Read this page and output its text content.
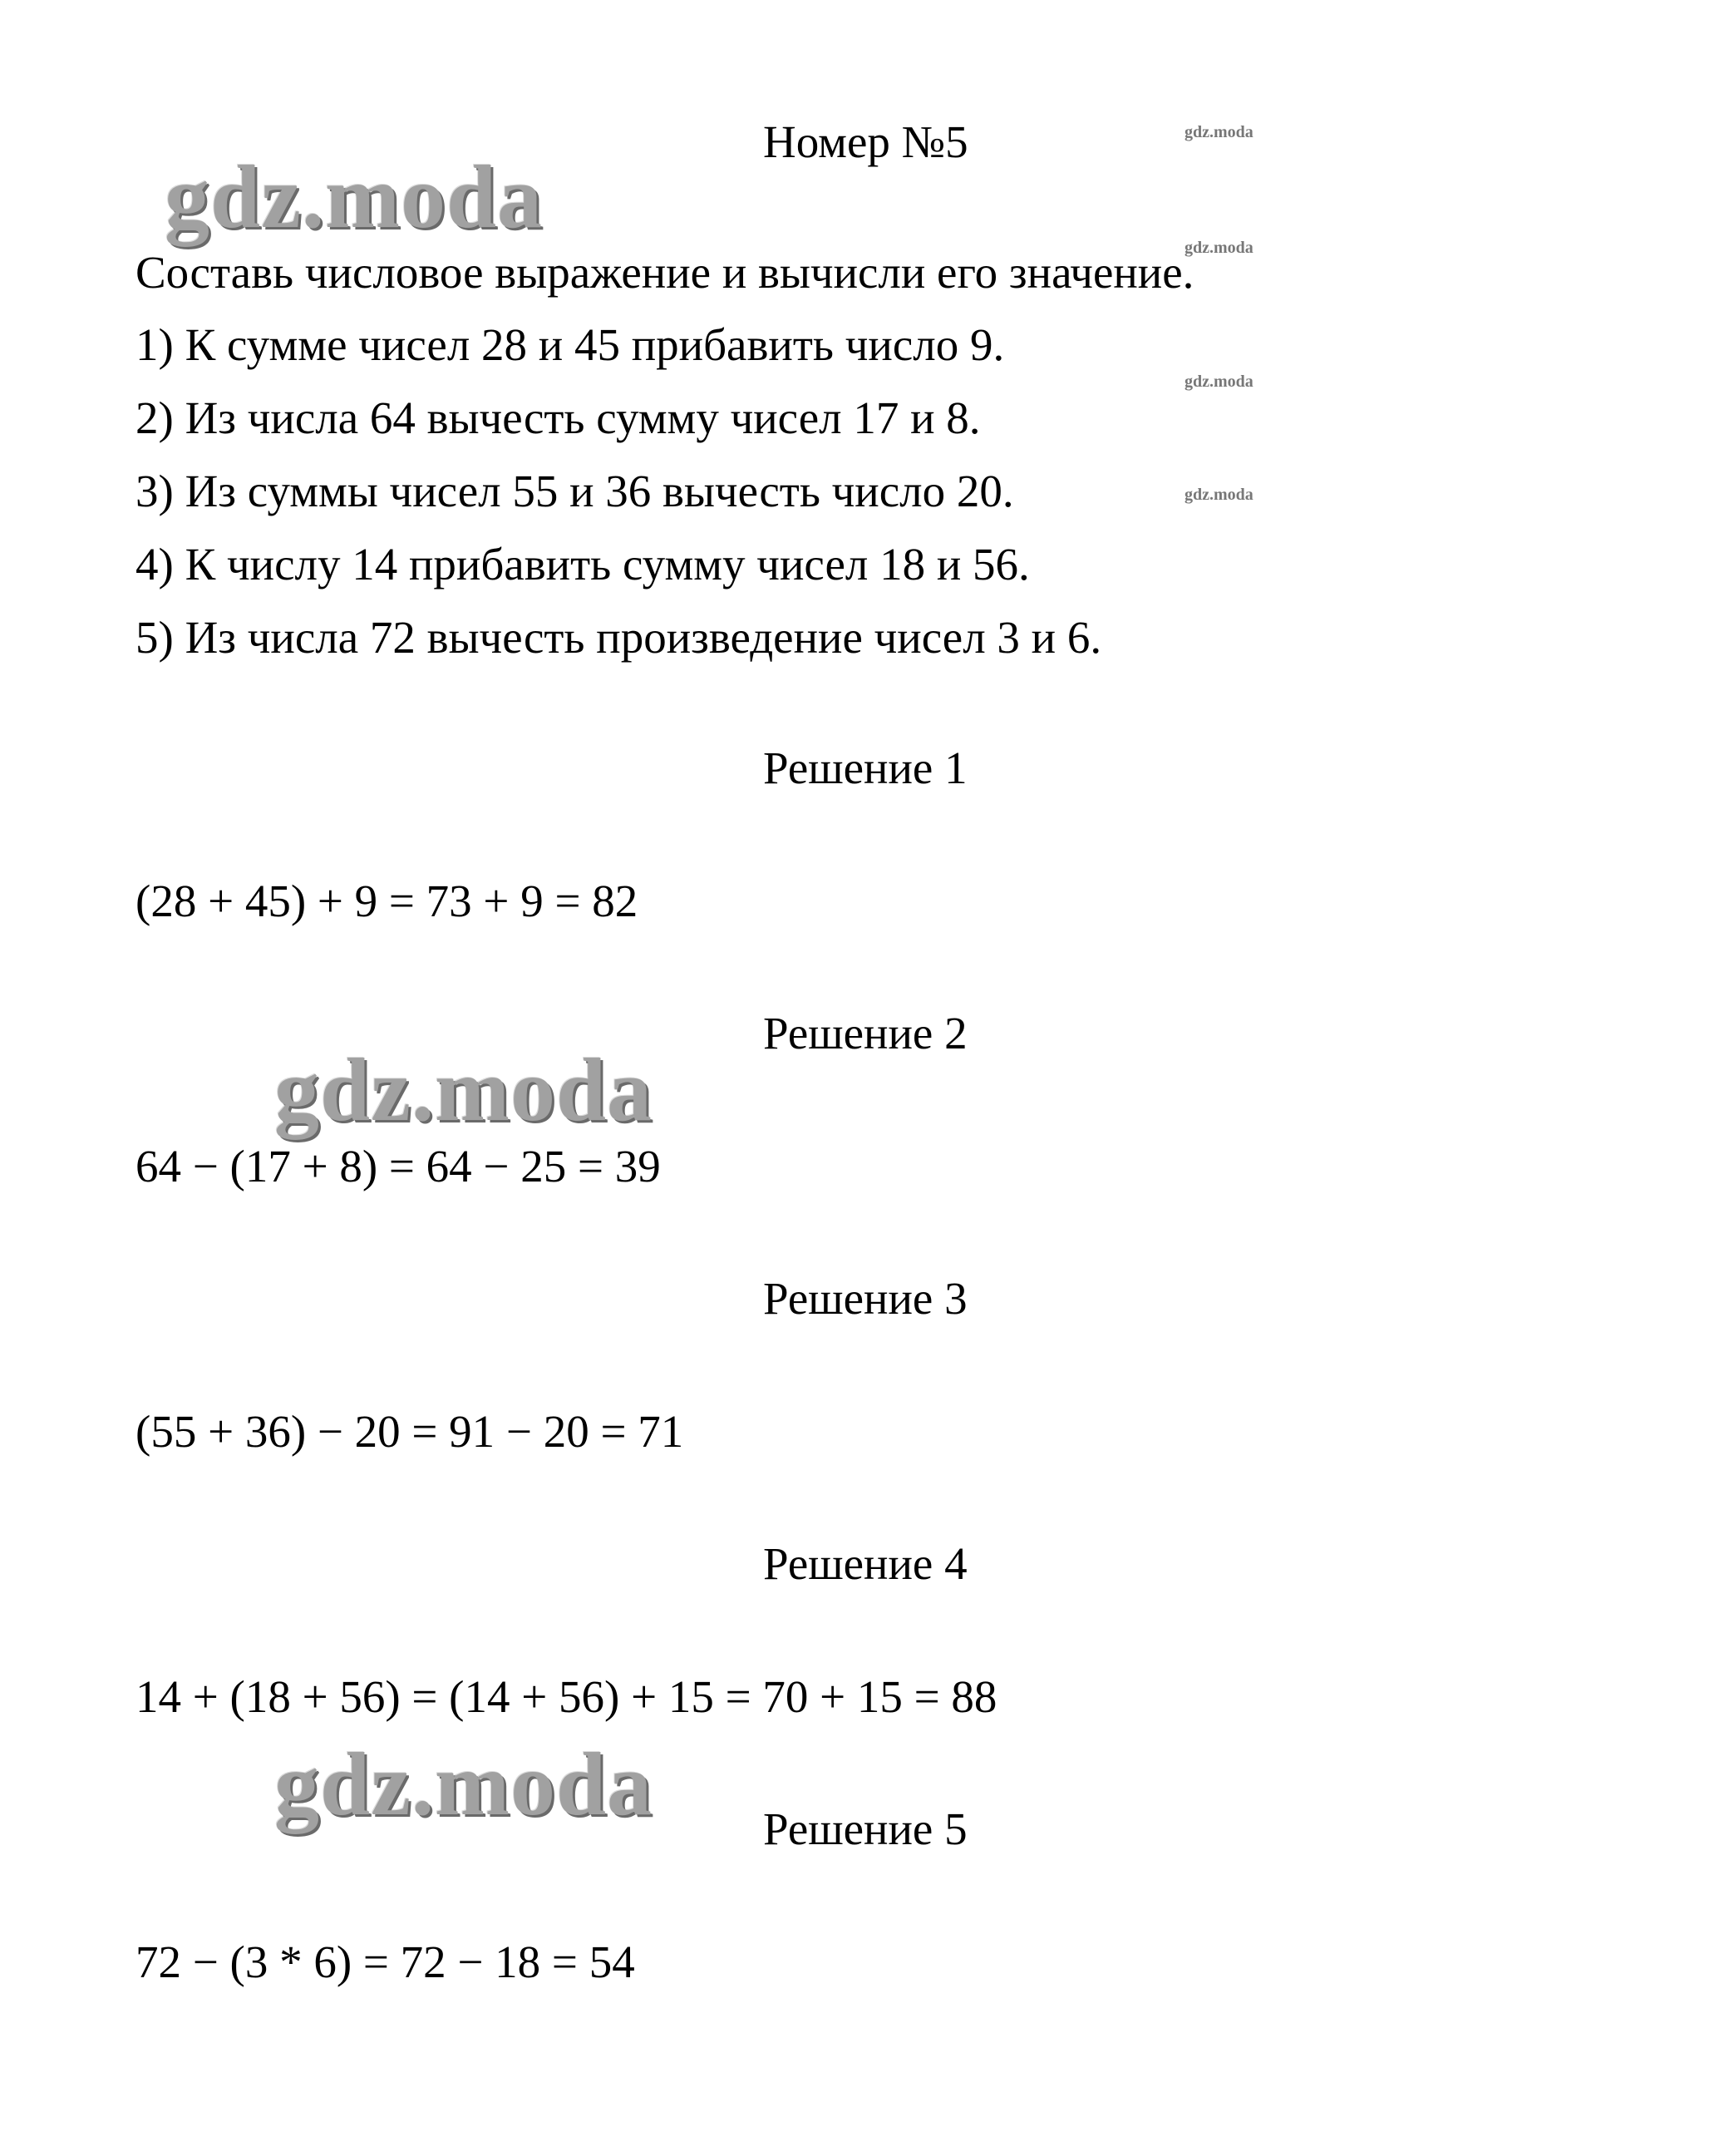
Номер №5	gdz.moda
gdz.moda
gdz.moda
gdz.moda
gdz.moda
Составь числовое выражение и вычисли его значение.
1) К сумме чисел 28 и 45 прибавить число 9.
2) Из числа 64 вычесть сумму чисел 17 и 8.
3) Из суммы чисел 55 и 36 вычесть число 20.
4) К числу 14 прибавить сумму чисел 18 и 56.
5) Из числа 72 вычесть произведение чисел 3 и 6.
Решение 1
(28 + 45) + 9 = 73 + 9 = 82
Решение 2
gdz.moda
64 − (17 + 8) = 64 − 25 = 39
Решение 3
(55 + 36) − 20 = 91 − 20 = 71
Решение 4
14 + (18 + 56) = (14 + 56) + 15 = 70 + 15 = 88
gdz.moda Решение 5
72 − (3 * 6) = 72 − 18 = 54
